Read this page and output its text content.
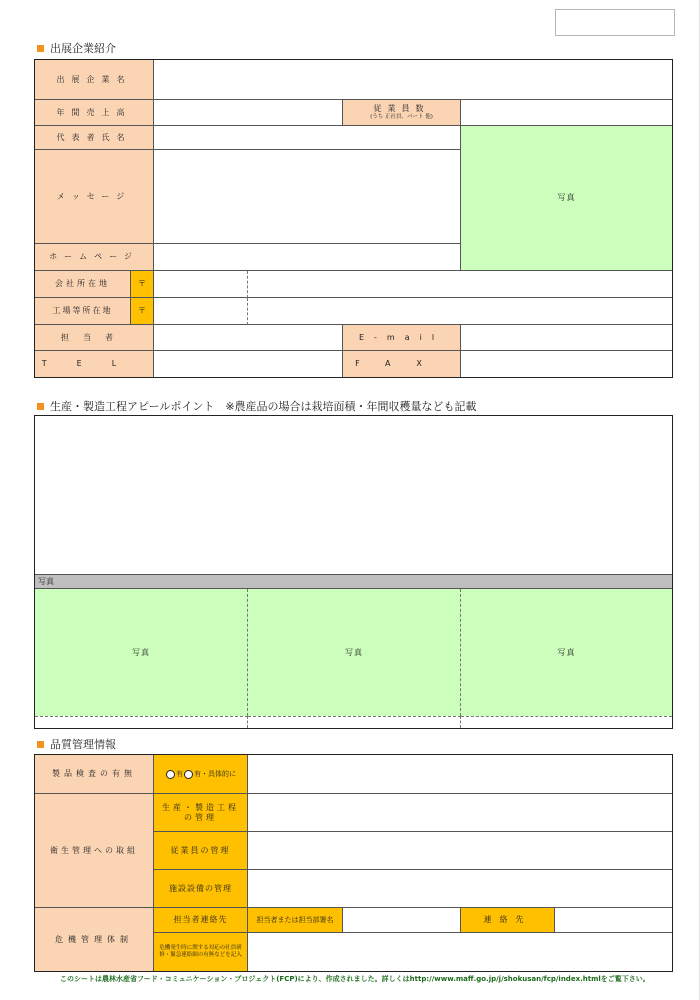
出展企業紹介
出展企業名
年間売上高	従業員数
(うち 正社員、パート 他)
代表者氏名
写真
メッセージ
ホームページ
会社所在地	〒
工場等所在地	〒
担当者	E-mail
TEL	FAX
生産・製造工程アピールポイント　※農産品の場合は栽培面積・年間収穫量なども記載
写真
写真	写真	写真
品質管理情報
製品検査の有無	有 有・具体的に
衛生管理への取組
生産・製造工程の管理
従業員の管理
施設設備の管理
危機管理体制
担当者連絡先	担当者または担当部署名	連絡先
危機発生時に関する対応の社員研修・緊急連絡網の有無などを記入
このシートは農林水産省フード・コミュニケーション・プロジェクト(FCP)により、作成されました。詳しくはhttp://www.maff.go.jp/j/shokusan/fcp/index.htmlをご覧下さい。
